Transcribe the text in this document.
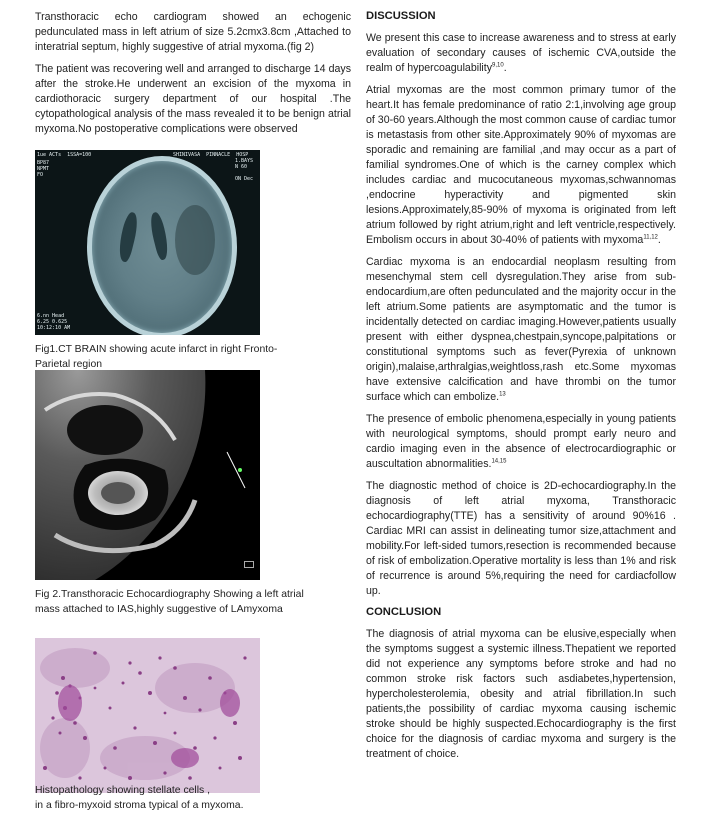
Transthoracic echo cardiogram showed an echogenic pedunculated mass in left atrium of size 5.2cmx3.8cm ,Attached to interatrial septum, highly suggestive of atrial myxoma.(fig 2)

The patient was recovering well and arranged to discharge 14 days after the stroke.He underwent an excision of the myxoma in cardiothoracic surgery department of our hospital .The cytopathological analysis of the mass revealed it to be benign atrial myxoma.No postoperative complications were observed

1ue ACTs  1SSA=100
BP87
NPMT
FO
SHINIVASA  PINNACLE  HOSP
1.BAYS
N 60

ON Dec
6.nn Head
6.25 0.625
10:12:10 AM
Fig1.CT BRAIN showing acute infarct in right Fronto-Parietal region
Fig 2.Transthoracic Echocardiography Showing a left atrial mass attached to IAS,highly suggestive of LAmyxoma
Histopathology showing stellate cells ,
in a fibro-myxoid stroma typical of a myxoma.
DISCUSSION

We present this case to increase awareness and to stress at early evaluation of secondary causes of ischemic CVA,outside the realm of hypercoagulability$^{9,10}$.

Atrial myxomas are the most common primary tumor of the heart.It has female predominance of ratio 2:1,involving age group of 30-60 years.Although the most common cause of cardiac tumor is metastasis from other site.Approximately 90% of myxomas are sporadic and remaining are familial ,and may occur as a part of familial syndromes.One of which is the carney complex which includes cardiac and mucocutaneous myxomas,schwannomas ,endocrine hyperactivity and pigmented skin lesions.Approximately,85-90% of myxoma is originated from left atrium followed by right atrium,right and left ventricle,respectively. Embolism occurs in about 30-40% of patients with myxoma$^{11,12}$.

Cardiac myxoma is an endocardial neoplasm resulting from mesenchymal stem cell dysregulation.They arise from sub-endocardium,are often pedunculated and the majority occur in the left atrium.Some patients are asymptomatic and the tumor is incidentally detected on cardiac imaging.However,patients usually present with either dyspnea,chestpain,syncope,palpitations or constitutional symptoms such as fever(Pyrexia of unknown origin),malaise,arthralgias,weightloss,rash etc.Some myxomas have extensive calcification and have thrombi on the tumor surface which can embolize.$^{13}$

The presence of embolic phenomena,especially in young patients with neurological symptoms, should prompt early neuro and cardio imaging even in the absence of electrocardiographic or auscultation abnormalities.$^{14,15}$

The diagnostic method of choice is 2D-echocardiography.In the diagnosis of left atrial myxoma, Transthoracic echocardiography(TTE) has a sensitivity of around 90%16 . Cardiac MRI can assist in delineating tumor size,attachment and mobility.For left-sided tumors,resection is recommended because of risk of embolization.Operative mortality is less than 1% and risk of recurrence is around 5%,requiring the need for cardiacfollow up.

CONCLUSION

The diagnosis of atrial myxoma can be elusive,especially when the symptoms suggest a systemic illness.Thepatient we reported did not experience any symptoms before stroke and had no common stroke risk factors such asdiabetes,hypertension, hypercholesterolemia, obesity and atrial fibrillation.In such patients,the possibility of cardiac myxoma causing ischemic stroke should be highly suspected.Echocardiography is the first choice for the diagnosis of cardiac myxoma and surgery is the treatment of choice.
